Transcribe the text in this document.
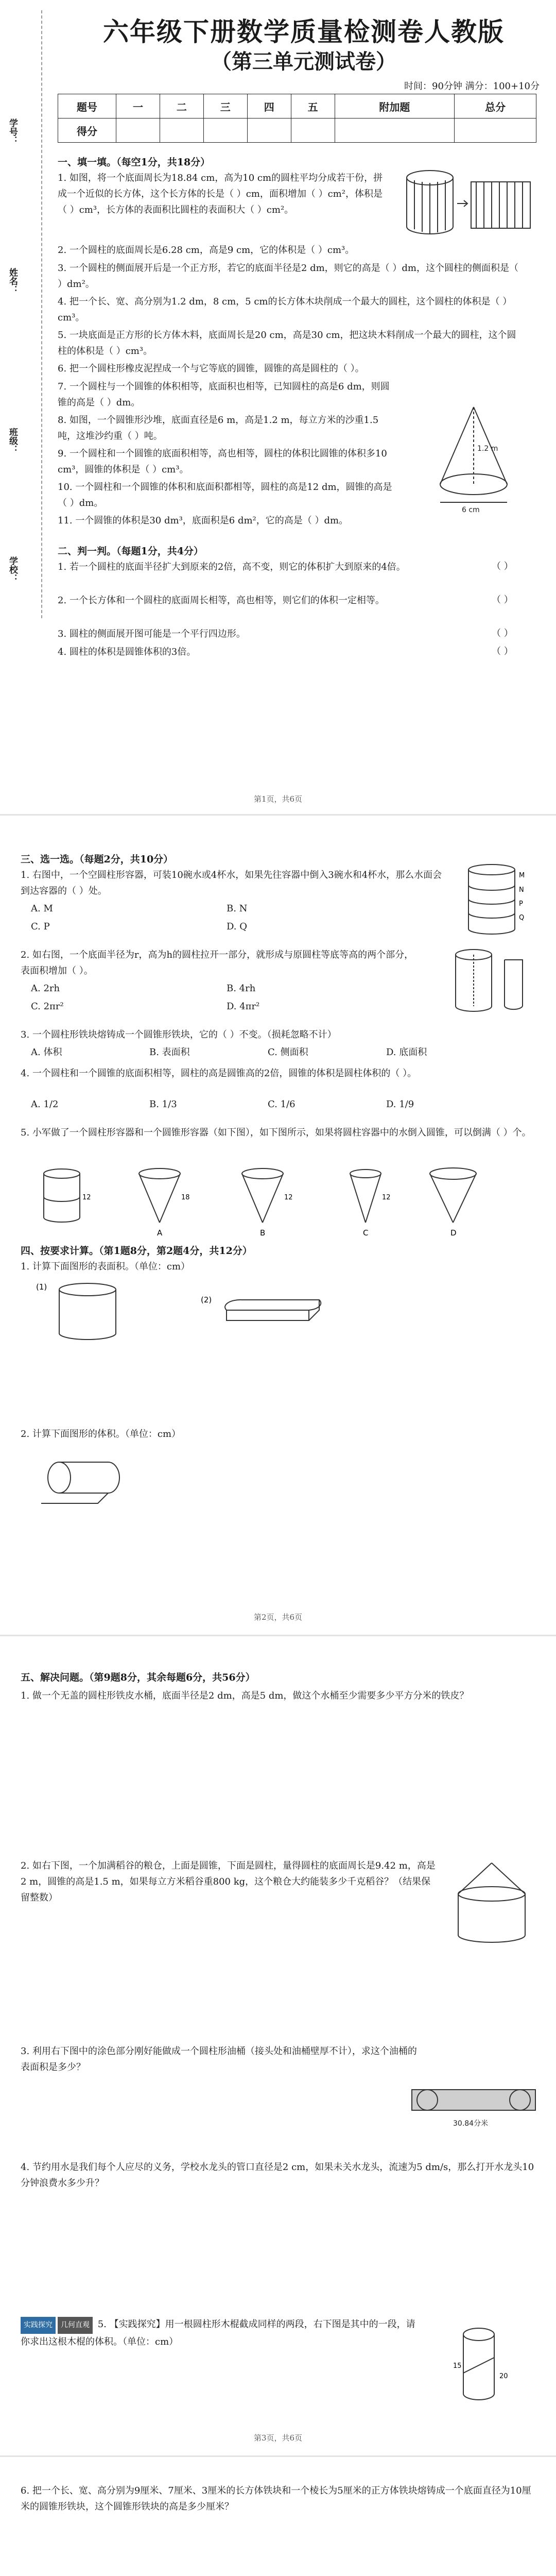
学号：
姓名：
班级：
学校：
六年级下册数学质量检测卷人教版
（第三单元测试卷）
时间：90分钟 满分：100+10分
题号	一	二	三	四	五	附加题	总分
得分							
一、填一填。（每空1分，共18分）
1. 如图，将一个底面周长为18.84 cm，高为10 cm的圆柱平均分成若干份，拼成一个近似的长方体，这个长方体的长是（ ）cm，面积增加（ ）cm²，体积是（ ）cm³，长方体的表面积比圆柱的表面积大（ ）cm²。
2. 一个圆柱的底面周长是6.28 cm，高是9 cm，它的体积是（ ）cm³。
3. 一个圆柱的侧面展开后是一个正方形，若它的底面半径是2 dm，则它的高是（ ）dm，这个圆柱的侧面积是（ ）dm²。
4. 把一个长、宽、高分别为1.2 dm，8 cm，5 cm的长方体木块削成一个最大的圆柱，这个圆柱的体积是（ ）cm³。
5. 一块底面是正方形的长方体木料，底面周长是20 cm，高是30 cm，把这块木料削成一个最大的圆柱，这个圆柱的体积是（ ）cm³。
6. 把一个圆柱形橡皮泥捏成一个与它等底的圆锥，圆锥的高是圆柱的（ ）。
7. 一个圆柱与一个圆锥的体积相等，底面积也相等，已知圆柱的高是6 dm，则圆锥的高是（ ）dm。
8. 如图，一个圆锥形沙堆，底面直径是6 m，高是1.2 m，每立方米的沙重1.5吨，这堆沙约重（ ）吨。
9. 一个圆柱和一个圆锥的底面积相等，高也相等，圆柱的体积比圆锥的体积多10 cm³，圆锥的体积是（ ）cm³。
10. 一个圆柱和一个圆锥的体积和底面积都相等，圆柱的高是12 dm，圆锥的高是（ ）dm。
11. 一个圆锥的体积是30 dm³，底面积是6 dm²，它的高是（ ）dm。
1.2 m
6 cm
二、判一判。（每题1分，共4分）
1. 若一个圆柱的底面半径扩大到原来的2倍，高不变，则它的体积扩大到原来的4倍。	（ ）
2. 一个长方体和一个圆柱的底面周长相等，高也相等，则它们的体积一定相等。	（ ）
3. 圆柱的侧面展开图可能是一个平行四边形。	（ ）
4. 圆柱的体积是圆锥体积的3倍。	（ ）
第1页，共6页
三、选一选。（每题2分，共10分）
1. 右图中，一个空圆柱形容器，可装10碗水或4杯水，如果先往容器中倒入3碗水和4杯水，那么水面会到达容器的（ ）处。
A. M	B. N
C. P	D. Q
M
N
P
Q
2. 如右图，一个底面半径为r，高为h的圆柱拉开一部分，就形成与原圆柱等底等高的两个部分，表面积增加（ ）。
A. 2rh	B. 4rh
C. 2πr²	D. 4πr²
3. 一个圆柱形铁块熔铸成一个圆锥形铁块，它的（ ）不变。（损耗忽略不计）
A. 体积	B. 表面积	C. 侧面积	D. 底面积
4. 一个圆柱和一个圆锥的底面积相等，圆柱的高是圆锥高的2倍，圆锥的体积是圆柱体积的（ ）。
A. 1/2	B. 1/3	C. 1/6	D. 1/9
5. 小军做了一个圆柱形容器和一个圆锥形容器（如下图），如下图所示，如果将圆柱容器中的水倒入圆锥，可以倒满（ ）个。
12	18	12	12
A	B	C	D
四、按要求计算。（第1题8分，第2题4分，共12分）
1. 计算下面图形的表面积。（单位：cm）
(1)
(2)
2. 计算下面图形的体积。（单位：cm）
第2页，共6页
五、解决问题。（第9题8分，其余每题6分，共56分）
1. 做一个无盖的圆柱形铁皮水桶，底面半径是2 dm，高是5 dm，做这个水桶至少需要多少平方分米的铁皮？
2. 如右下图，一个加满稻谷的粮仓，上面是圆锥，下面是圆柱，量得圆柱的底面周长是9.42 m，高是2 m，圆锥的高是1.5 m，如果每立方米稻谷重800 kg，这个粮仓大约能装多少千克稻谷？（结果保留整数）
3. 利用右下图中的涂色部分刚好能做成一个圆柱形油桶（接头处和油桶壁厚不计），求这个油桶的表面积是多少？
30.84分米
4. 节约用水是我们每个人应尽的义务，学校水龙头的管口直径是2 cm，如果未关水龙头，流速为5 dm/s，那么打开水龙头10分钟浪费水多少升？
实践探究 几何直观 5. 【实践探究】用一根圆柱形木棍截成同样的两段，右下图是其中的一段，请你求出这根木棍的体积。（单位：cm）
15
20
第3页，共6页
6. 把一个长、宽、高分别为9厘米、7厘米、3厘米的长方体铁块和一个棱长为5厘米的正方体铁块熔铸成一个底面直径为10厘米的圆锥形铁块，这个圆锥形铁块的高是多少厘米？
